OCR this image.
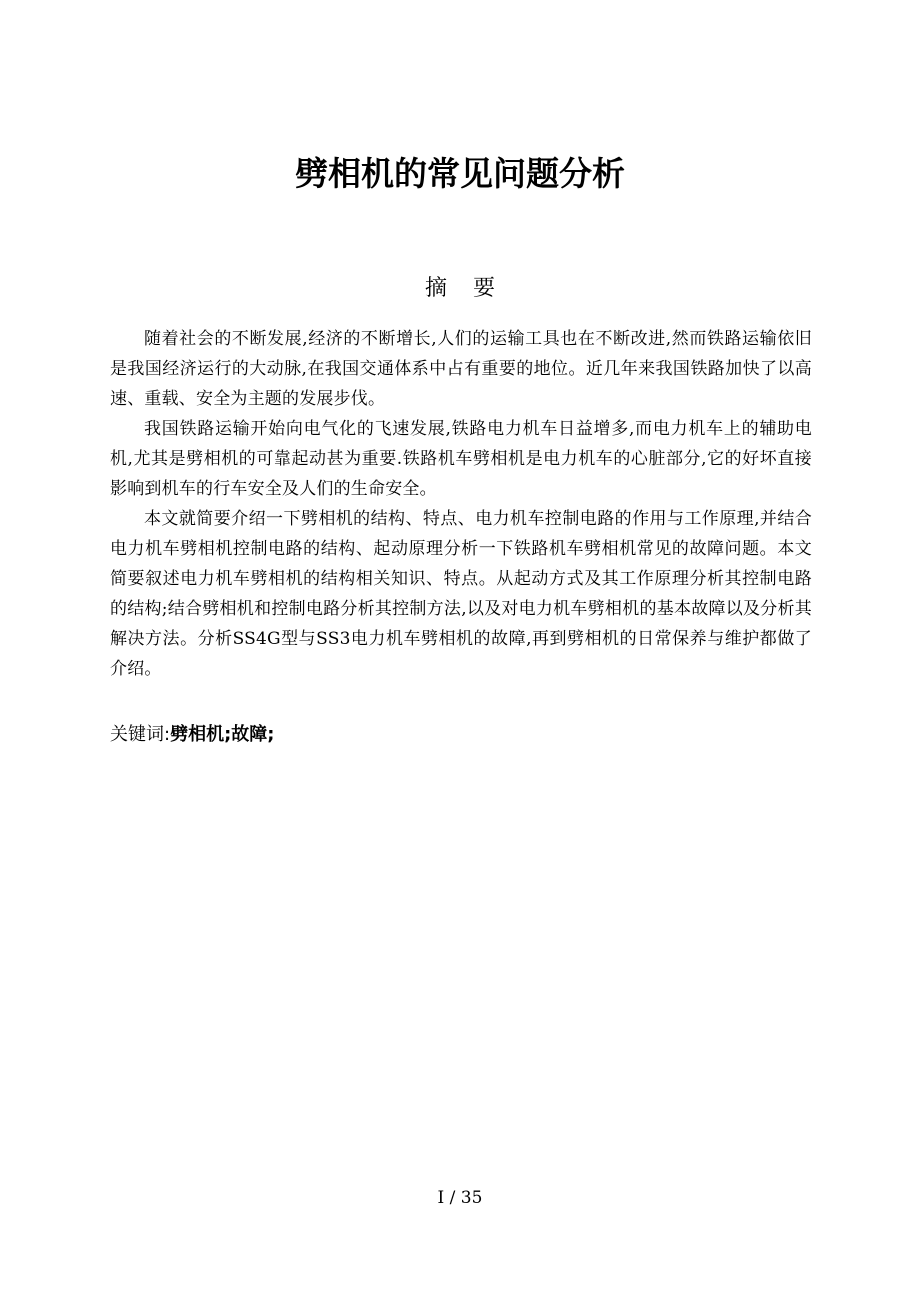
劈相机的常见问题分析
摘 要

随着社会的不断发展,经济的不断增长,人们的运输工具也在不断改进,然而铁路运输依旧是我国经济运行的大动脉,在我国交通体系中占有重要的地位。近几年来我国铁路加快了以高速、重载、安全为主题的发展步伐。

我国铁路运输开始向电气化的飞速发展,铁路电力机车日益增多,而电力机车上的辅助电机,尤其是劈相机的可靠起动甚为重要.铁路机车劈相机是电力机车的心脏部分,它的好坏直接影响到机车的行车安全及人们的生命安全。

本文就简要介绍一下劈相机的结构、特点、电力机车控制电路的作用与工作原理,并结合电力机车劈相机控制电路的结构、起动原理分析一下铁路机车劈相机常见的故障问题。本文简要叙述电力机车劈相机的结构相关知识、特点。从起动方式及其工作原理分析其控制电路的结构;结合劈相机和控制电路分析其控制方法,以及对电力机车劈相机的基本故障以及分析其解决方法。分析SS4G型与SS3电力机车劈相机的故障,再到劈相机的日常保养与维护都做了介绍。

关键词:劈相机;故障;

I / 35
